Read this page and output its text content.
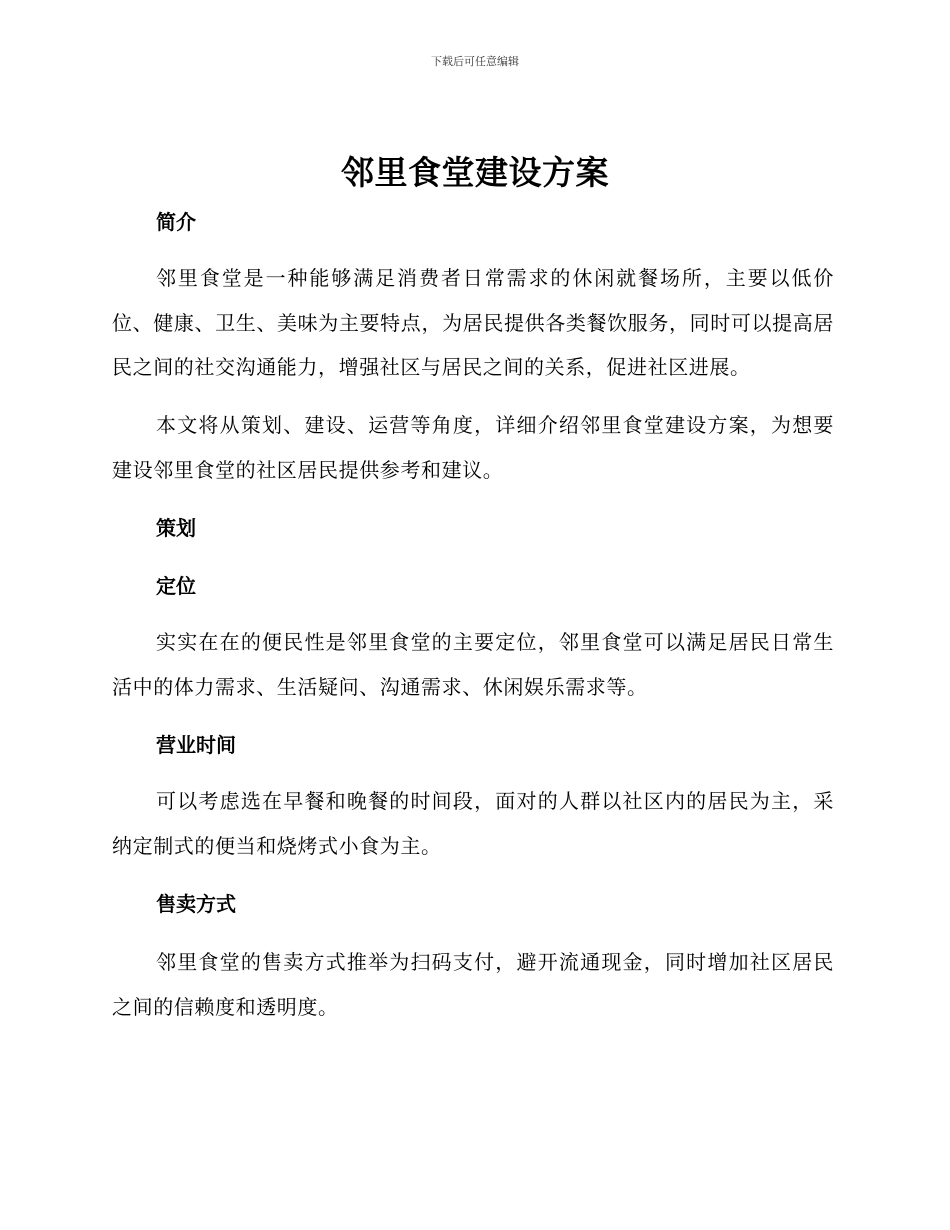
下载后可任意编辑
邻里食堂建设方案
简介

邻里食堂是一种能够满足消费者日常需求的休闲就餐场所，主要以低价位、健康、卫生、美味为主要特点，为居民提供各类餐饮服务，同时可以提高居民之间的社交沟通能力，增强社区与居民之间的关系，促进社区进展。

本文将从策划、建设、运营等角度，详细介绍邻里食堂建设方案，为想要建设邻里食堂的社区居民提供参考和建议。

策划
定位

实实在在的便民性是邻里食堂的主要定位，邻里食堂可以满足居民日常生活中的体力需求、生活疑问、沟通需求、休闲娱乐需求等。

营业时间

可以考虑选在早餐和晚餐的时间段，面对的人群以社区内的居民为主，采纳定制式的便当和烧烤式小食为主。

售卖方式

邻里食堂的售卖方式推举为扫码支付，避开流通现金，同时增加社区居民之间的信赖度和透明度。
